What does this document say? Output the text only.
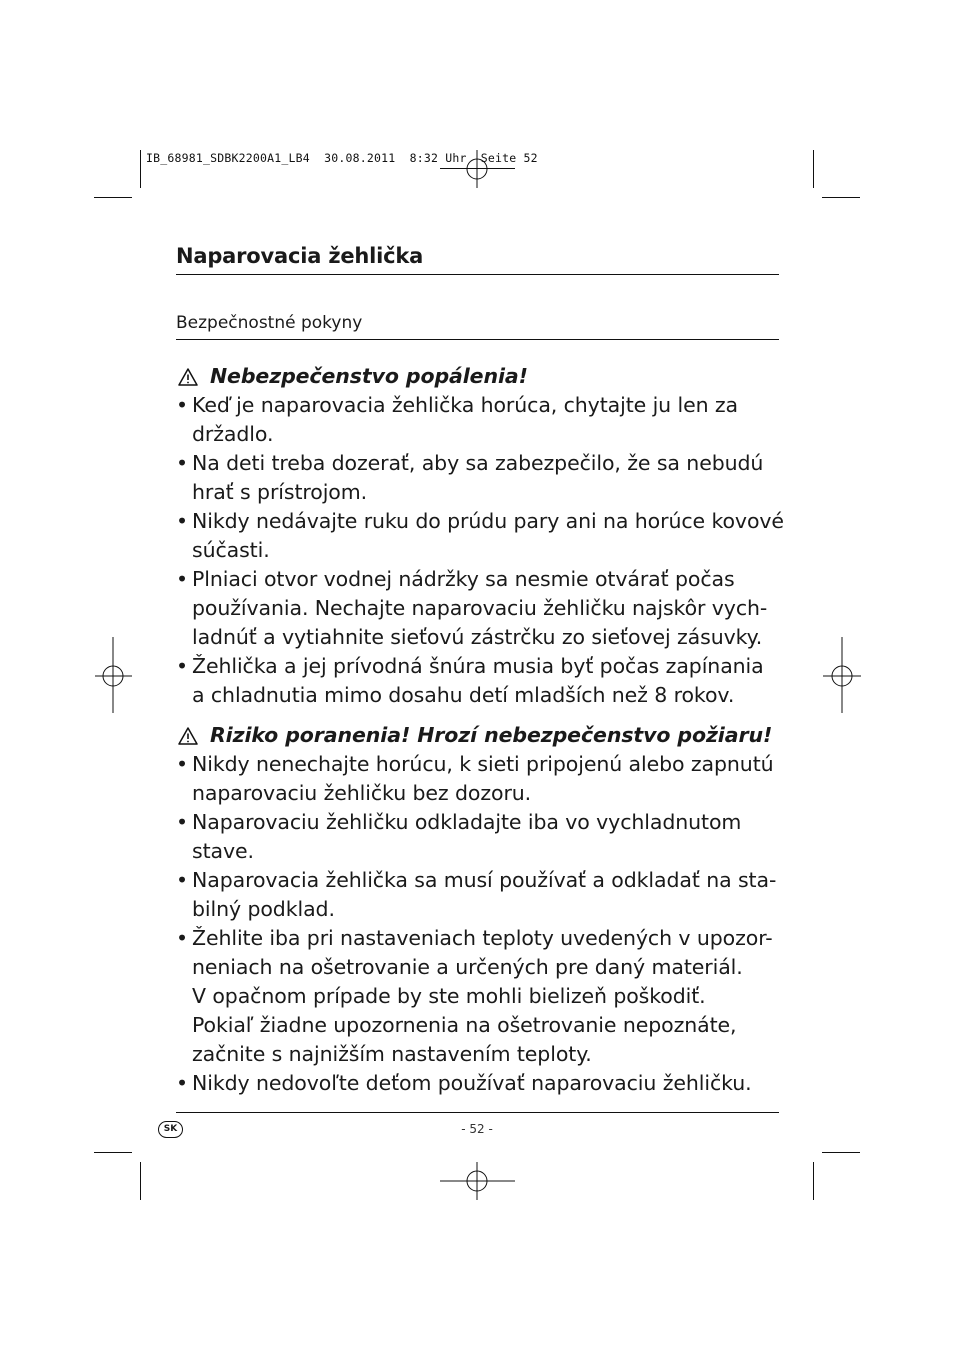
IB_68981_SDBK2200A1_LB4  30.08.2011  8:32 Uhr  Seite 52
Naparovacia žehlička
Bezpečnostné pokyny
Nebezpečenstvo popálenia!
• Keď je naparovacia žehlička horúca, chytajte ju len za
držadlo.
• Na deti treba dozerať, aby sa zabezpečilo, že sa nebudú
hrať s prístrojom.
• Nikdy nedávajte ruku do prúdu pary ani na horúce kovové
súčasti.
• Plniaci otvor vodnej nádržky sa nesmie otvárať počas
používania. Nechajte naparovaciu žehličku najskôr vych-
ladnúť a vytiahnite sieťovú zástrčku zo sieťovej zásuvky.
• Žehlička a jej prívodná šnúra musia byť počas zapínania
a chladnutia mimo dosahu detí mladších než 8 rokov.
Riziko poranenia! Hrozí nebezpečenstvo požiaru!
• Nikdy nenechajte horúcu, k sieti pripojenú alebo zapnutú
naparovaciu žehličku bez dozoru.
• Naparovaciu žehličku odkladajte iba vo vychladnutom
stave.
• Naparovacia žehlička sa musí používať a odkladať na sta-
bilný podklad.
• Žehlite iba pri nastaveniach teploty uvedených v upozor-
neniach na ošetrovanie a určených pre daný materiál.
V opačnom prípade by ste mohli bielizeň poškodiť.
Pokiaľ žiadne upozornenia na ošetrovanie nepoznáte,
začnite s najnižším nastavením teploty.
• Nikdy nedovoľte deťom používať naparovaciu žehličku.
SK	- 52 -
